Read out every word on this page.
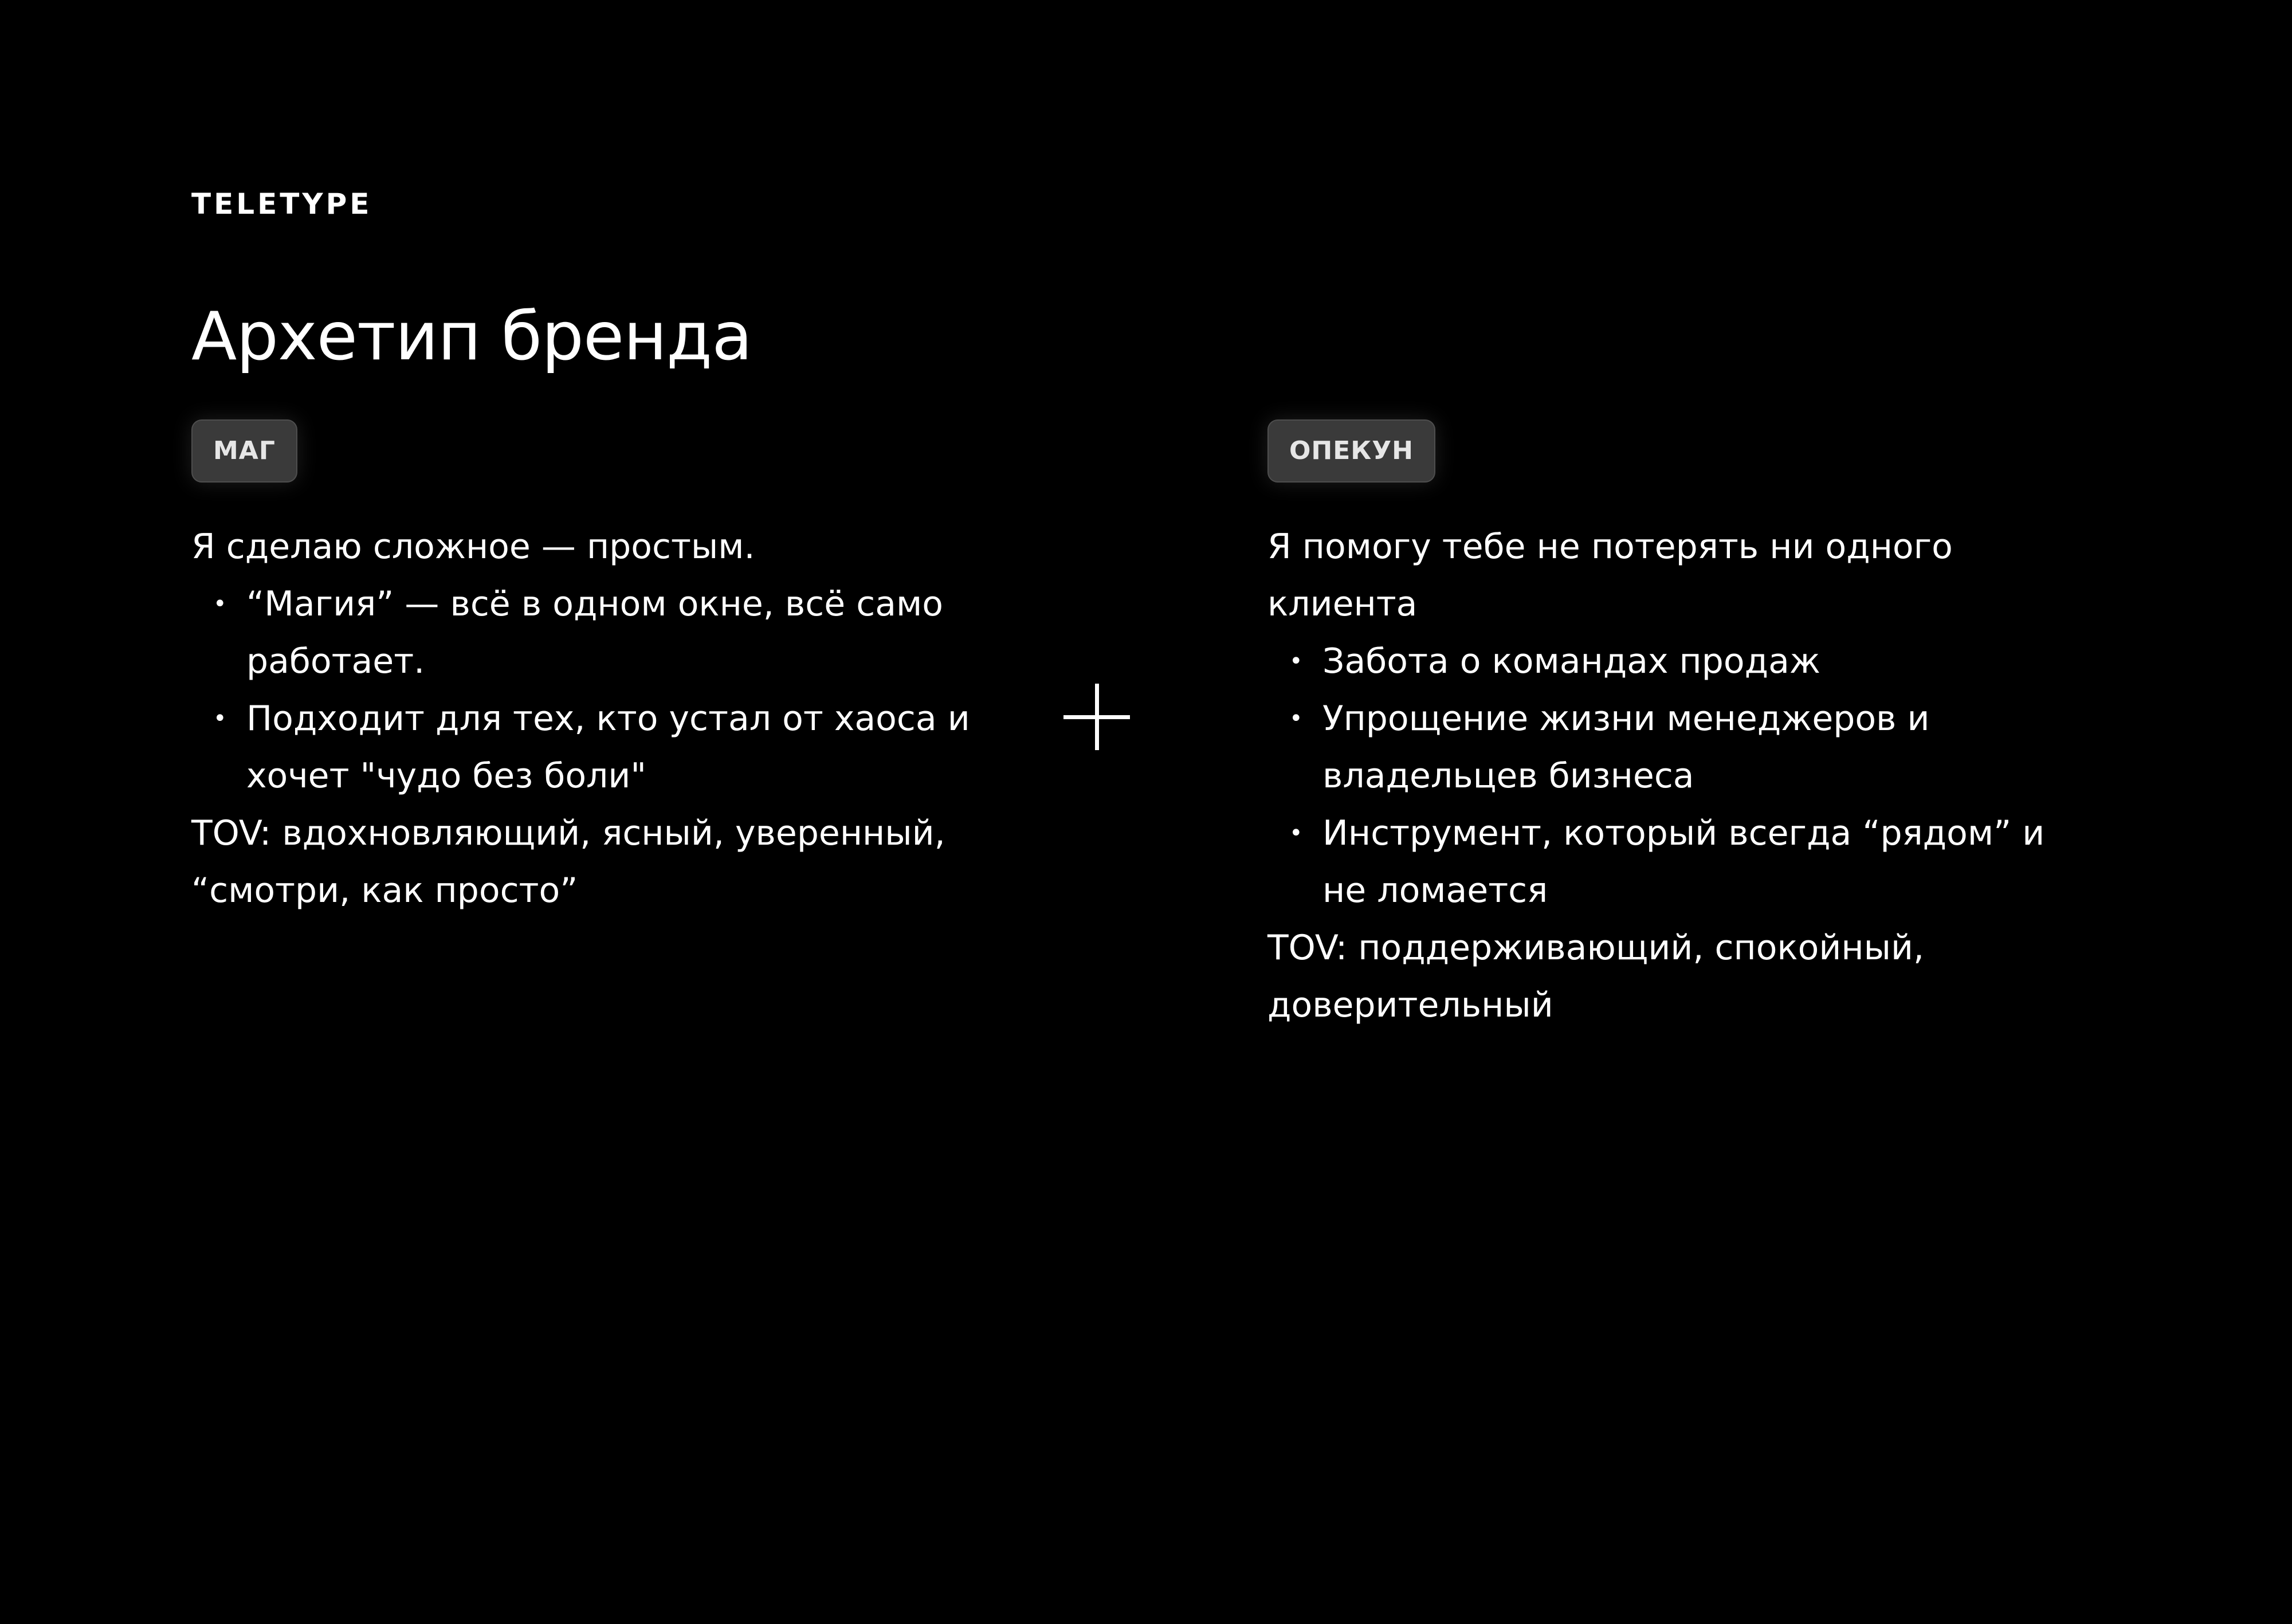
TELETYPE
Архетип бренда
МАГ

Я сделаю сложное — простым.

• “Магия” — всё в одном окне, всё само работает.
• Подходит для тех, кто устал от хаоса и хочет "чудо без боли"

TOV: вдохновляющий, ясный, уверенный, “смотри, как просто”

ОПЕКУН

Я помогу тебе не потерять ни одного клиента

• Забота о командах продаж
• Упрощение жизни менеджеров и владельцев бизнеса
• Инструмент, который всегда “рядом” и не ломается

TOV: поддерживающий, спокойный, доверительный
